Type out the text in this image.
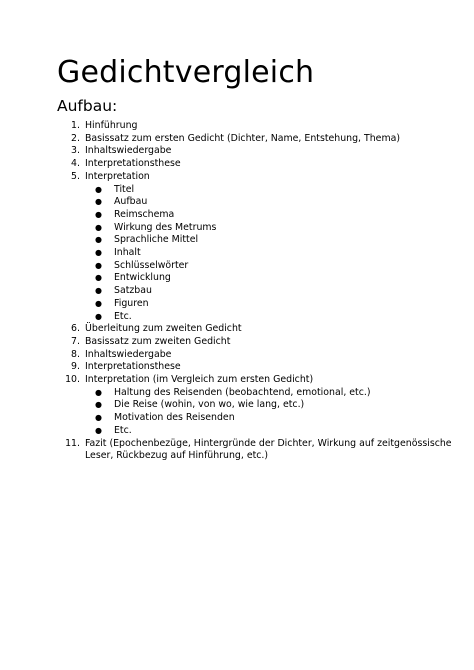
Gedichtvergleich
Aufbau:
1. Hinführung
2. Basissatz zum ersten Gedicht (Dichter, Name, Entstehung, Thema)
3. Inhaltswiedergabe
4. Interpretationsthese
5. Interpretation
●	Titel
●	Aufbau
●	Reimschema
●	Wirkung des Metrums
●	Sprachliche Mittel
●	Inhalt
●	Schlüsselwörter
●	Entwicklung
●	Satzbau
●	Figuren
●	Etc.
6. Überleitung zum zweiten Gedicht
7. Basissatz zum zweiten Gedicht
8. Inhaltswiedergabe
9. Interpretationsthese
10. Interpretation (im Vergleich zum ersten Gedicht)
●	Haltung des Reisenden (beobachtend, emotional, etc.)
●	Die Reise (wohin, von wo, wie lang, etc.)
●	Motivation des Reisenden
●	Etc.
11. Fazit (Epochenbezüge, Hintergründe der Dichter, Wirkung auf zeitgenössische Leser, Rückbezug auf Hinführung, etc.)
